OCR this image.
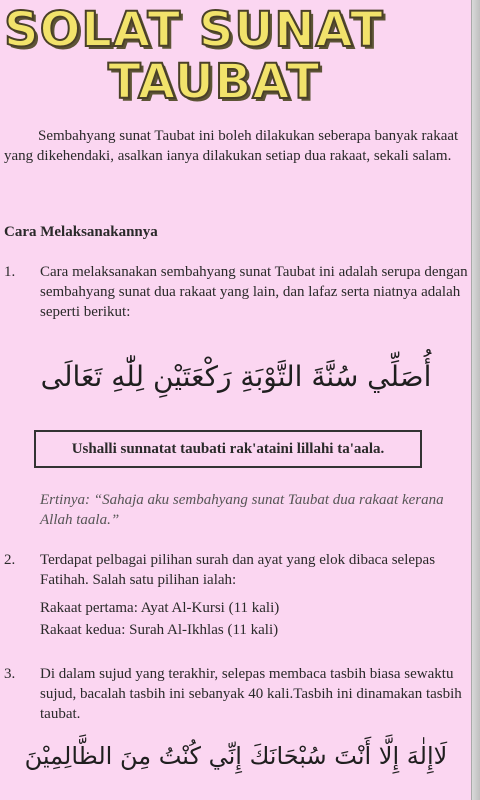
SOLAT SUNAT
TAUBAT
Sembahyang sunat Taubat ini boleh dilakukan seberapa banyak rakaat yang dikehendaki, asalkan ianya dilakukan setiap dua rakaat, sekali salam.
Cara Melaksanakannya
1.	Cara melaksanakan sembahyang sunat Taubat ini adalah serupa dengan sembahyang sunat dua rakaat yang lain, dan lafaz serta niatnya adalah seperti berikut:
أُصَلِّي سُنَّةَ التَّوْبَةِ رَكْعَتَيْنِ لِلّٰهِ تَعَالَى
Ushalli sunnatat taubati rak'ataini lillahi ta'aala.
Ertinya: “Sahaja aku sembahyang sunat Taubat dua rakaat kerana Allah taala.”
2.	Terdapat pelbagai pilihan surah dan ayat yang elok dibaca selepas Fatihah. Salah satu pilihan ialah:
Rakaat pertama: Ayat Al-Kursi (11 kali)
Rakaat kedua: Surah Al-Ikhlas (11 kali)
3.	Di dalam sujud yang terakhir, selepas membaca tasbih biasa sewaktu sujud, bacalah tasbih ini sebanyak 40 kali.Tasbih ini dinamakan tasbih taubat.
لَاإِلٰهَ إِلَّا أَنْتَ سُبْحَانَكَ إِنِّي كُنْتُ مِنَ الظَّالِمِيْنَ
